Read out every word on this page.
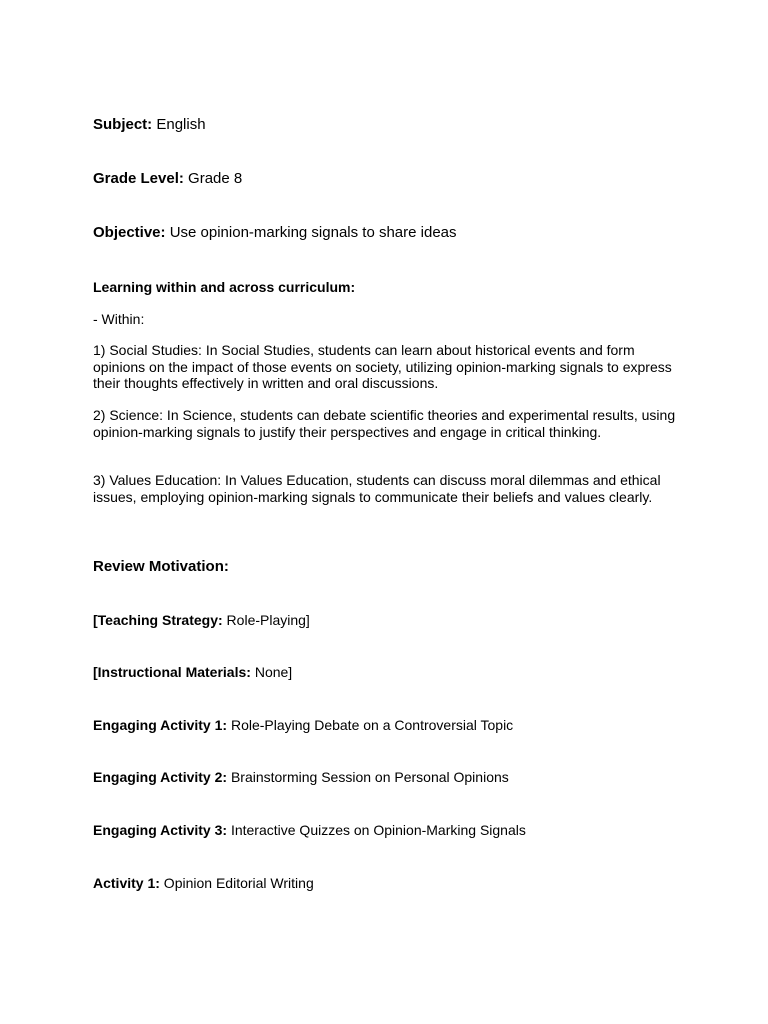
Subject: English

Grade Level: Grade 8

Objective: Use opinion-marking signals to share ideas

Learning within and across curriculum:

- Within:

1) Social Studies: In Social Studies, students can learn about historical events and form opinions on the impact of those events on society, utilizing opinion-marking signals to express their thoughts effectively in written and oral discussions.

2) Science: In Science, students can debate scientific theories and experimental results, using opinion-marking signals to justify their perspectives and engage in critical thinking.

3) Values Education: In Values Education, students can discuss moral dilemmas and ethical issues, employing opinion-marking signals to communicate their beliefs and values clearly.

Review Motivation:

[Teaching Strategy: Role-Playing]

[Instructional Materials: None]

Engaging Activity 1: Role-Playing Debate on a Controversial Topic

Engaging Activity 2: Brainstorming Session on Personal Opinions

Engaging Activity 3: Interactive Quizzes on Opinion-Marking Signals

Activity 1: Opinion Editorial Writing
